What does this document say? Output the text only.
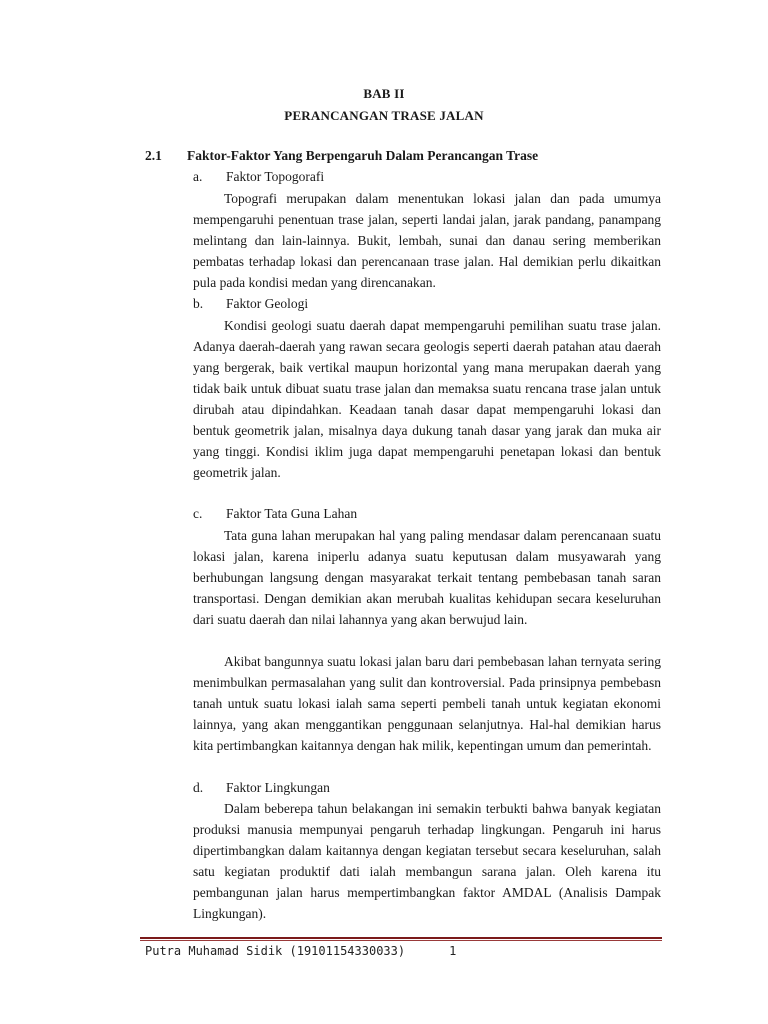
BAB II
PERANCANGAN TRASE JALAN
2.1 Faktor-Faktor Yang Berpengaruh Dalam Perancangan Trase
a. Faktor Topogorafi

Topografi merupakan dalam menentukan lokasi jalan dan pada umumya mempengaruhi penentuan trase jalan, seperti landai jalan, jarak pandang, panampang melintang dan lain-lainnya. Bukit, lembah, sunai dan danau sering memberikan pembatas terhadap lokasi dan perencanaan trase jalan. Hal demikian perlu dikaitkan pula pada kondisi medan yang direncanakan.

b. Faktor Geologi

Kondisi geologi suatu daerah dapat mempengaruhi pemilihan suatu trase jalan. Adanya daerah-daerah yang rawan secara geologis seperti daerah patahan atau daerah yang bergerak, baik vertikal maupun horizontal yang mana merupakan daerah yang tidak baik untuk dibuat suatu trase jalan dan memaksa suatu rencana trase jalan untuk dirubah atau dipindahkan. Keadaan tanah dasar dapat mempengaruhi lokasi dan bentuk geometrik jalan, misalnya daya dukung tanah dasar yang jarak dan muka air yang tinggi. Kondisi iklim juga dapat mempengaruhi penetapan lokasi dan bentuk geometrik jalan.

c. Faktor Tata Guna Lahan

Tata guna lahan merupakan hal yang paling mendasar dalam perencanaan suatu lokasi jalan, karena iniperlu adanya suatu keputusan dalam musyawarah yang berhubungan langsung dengan masyarakat terkait tentang pembebasan tanah saran transportasi. Dengan demikian akan merubah kualitas kehidupan secara keseluruhan dari suatu daerah dan nilai lahannya yang akan berwujud lain.

Akibat bangunnya suatu lokasi jalan baru dari pembebasan lahan ternyata sering menimbulkan permasalahan yang sulit dan kontroversial. Pada prinsipnya pembebasn tanah untuk suatu lokasi ialah sama seperti pembeli tanah untuk kegiatan ekonomi lainnya, yang akan menggantikan penggunaan selanjutnya. Hal-hal demikian harus kita pertimbangkan kaitannya dengan hak milik, kepentingan umum dan pemerintah.

d. Faktor Lingkungan

Dalam beberepa tahun belakangan ini semakin terbukti bahwa banyak kegiatan produksi manusia mempunyai pengaruh terhadap lingkungan. Pengaruh ini harus dipertimbangkan dalam kaitannya dengan kegiatan tersebut secara keseluruhan, salah satu kegiatan produktif dati ialah membangun sarana jalan. Oleh karena itu pembangunan jalan harus mempertimbangkan faktor AMDAL (Analisis Dampak Lingkungan).

Putra Muhamad Sidik (19101154330033)	1
